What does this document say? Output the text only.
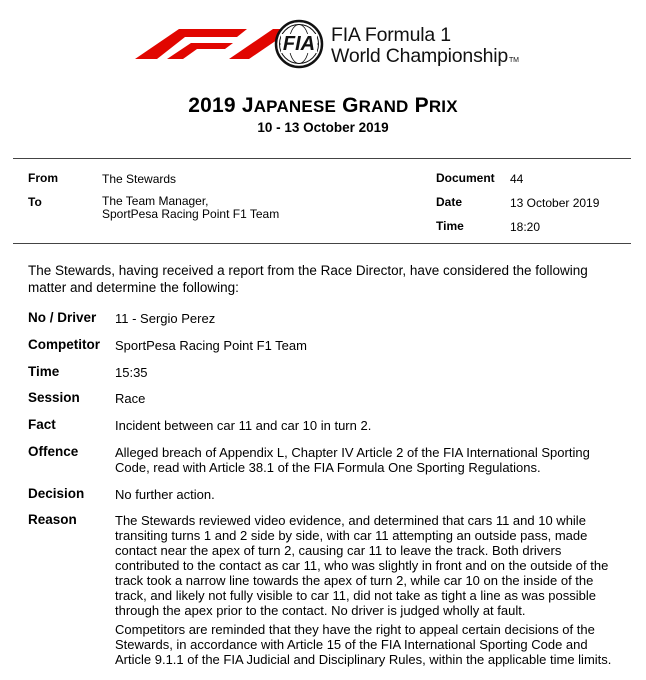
FIA FIA Formula 1
World ChampionshipTM
2019 JAPANESE GRAND PRIX
10 - 13 October 2019
From	The Stewards
To	The Team Manager,
SportPesa Racing Point F1 Team
Document 44
Date	13 October 2019
Time	18:20
The Stewards, having received a report from the Race Director, have considered the following matter and determine the following:
No / Driver 11 - Sergio Perez
Competitor SportPesa Racing Point F1 Team
Time	15:35
Session	Race
Fact	Incident between car 11 and car 10 in turn 2.
Offence	Alleged breach of Appendix L, Chapter IV Article 2 of the FIA International Sporting Code, read with Article 38.1 of the FIA Formula One Sporting Regulations.
Decision No further action.
Reason	The Stewards reviewed video evidence, and determined that cars 11 and 10 while transiting turns 1 and 2 side by side, with car 11 attempting an outside pass, made contact near the apex of turn 2, causing car 11 to leave the track. Both drivers contributed to the contact as car 11, who was slightly in front and on the outside of the track took a narrow line towards the apex of turn 2, while car 10 on the inside of the track, and likely not fully visible to car 11, did not take as tight a line as was possible through the apex prior to the contact. No driver is judged wholly at fault.
Competitors are reminded that they have the right to appeal certain decisions of the Stewards, in accordance with Article 15 of the FIA International Sporting Code and Article 9.1.1 of the FIA Judicial and Disciplinary Rules, within the applicable time limits.
